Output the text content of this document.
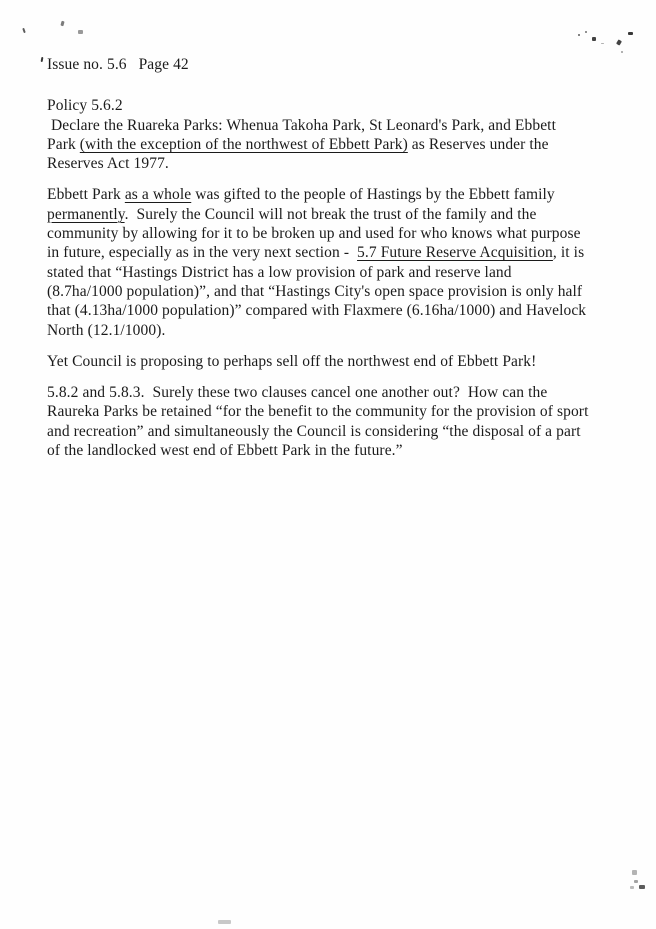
Issue no. 5.6   Page 42
Policy 5.6.2
Declare the Ruareka Parks: Whenua Takoha Park, St Leonard's Park, and Ebbett
Park (with the exception of the northwest of Ebbett Park) as Reserves under the
Reserves Act 1977.
Ebbett Park as a whole was gifted to the people of Hastings by the Ebbett family
permanently.  Surely the Council will not break the trust of the family and the
community by allowing for it to be broken up and used for who knows what purpose
in future, especially as in the very next section -  5.7 Future Reserve Acquisition, it is
stated that “Hastings District has a low provision of park and reserve land
(8.7ha/1000 population)”, and that “Hastings City's open space provision is only half
that (4.13ha/1000 population)” compared with Flaxmere (6.16ha/1000) and Havelock
North (12.1/1000).
Yet Council is proposing to perhaps sell off the northwest end of Ebbett Park!
5.8.2 and 5.8.3.  Surely these two clauses cancel one another out?  How can the
Raureka Parks be retained “for the benefit to the community for the provision of sport
and recreation” and simultaneously the Council is considering “the disposal of a part
of the landlocked west end of Ebbett Park in the future.”
